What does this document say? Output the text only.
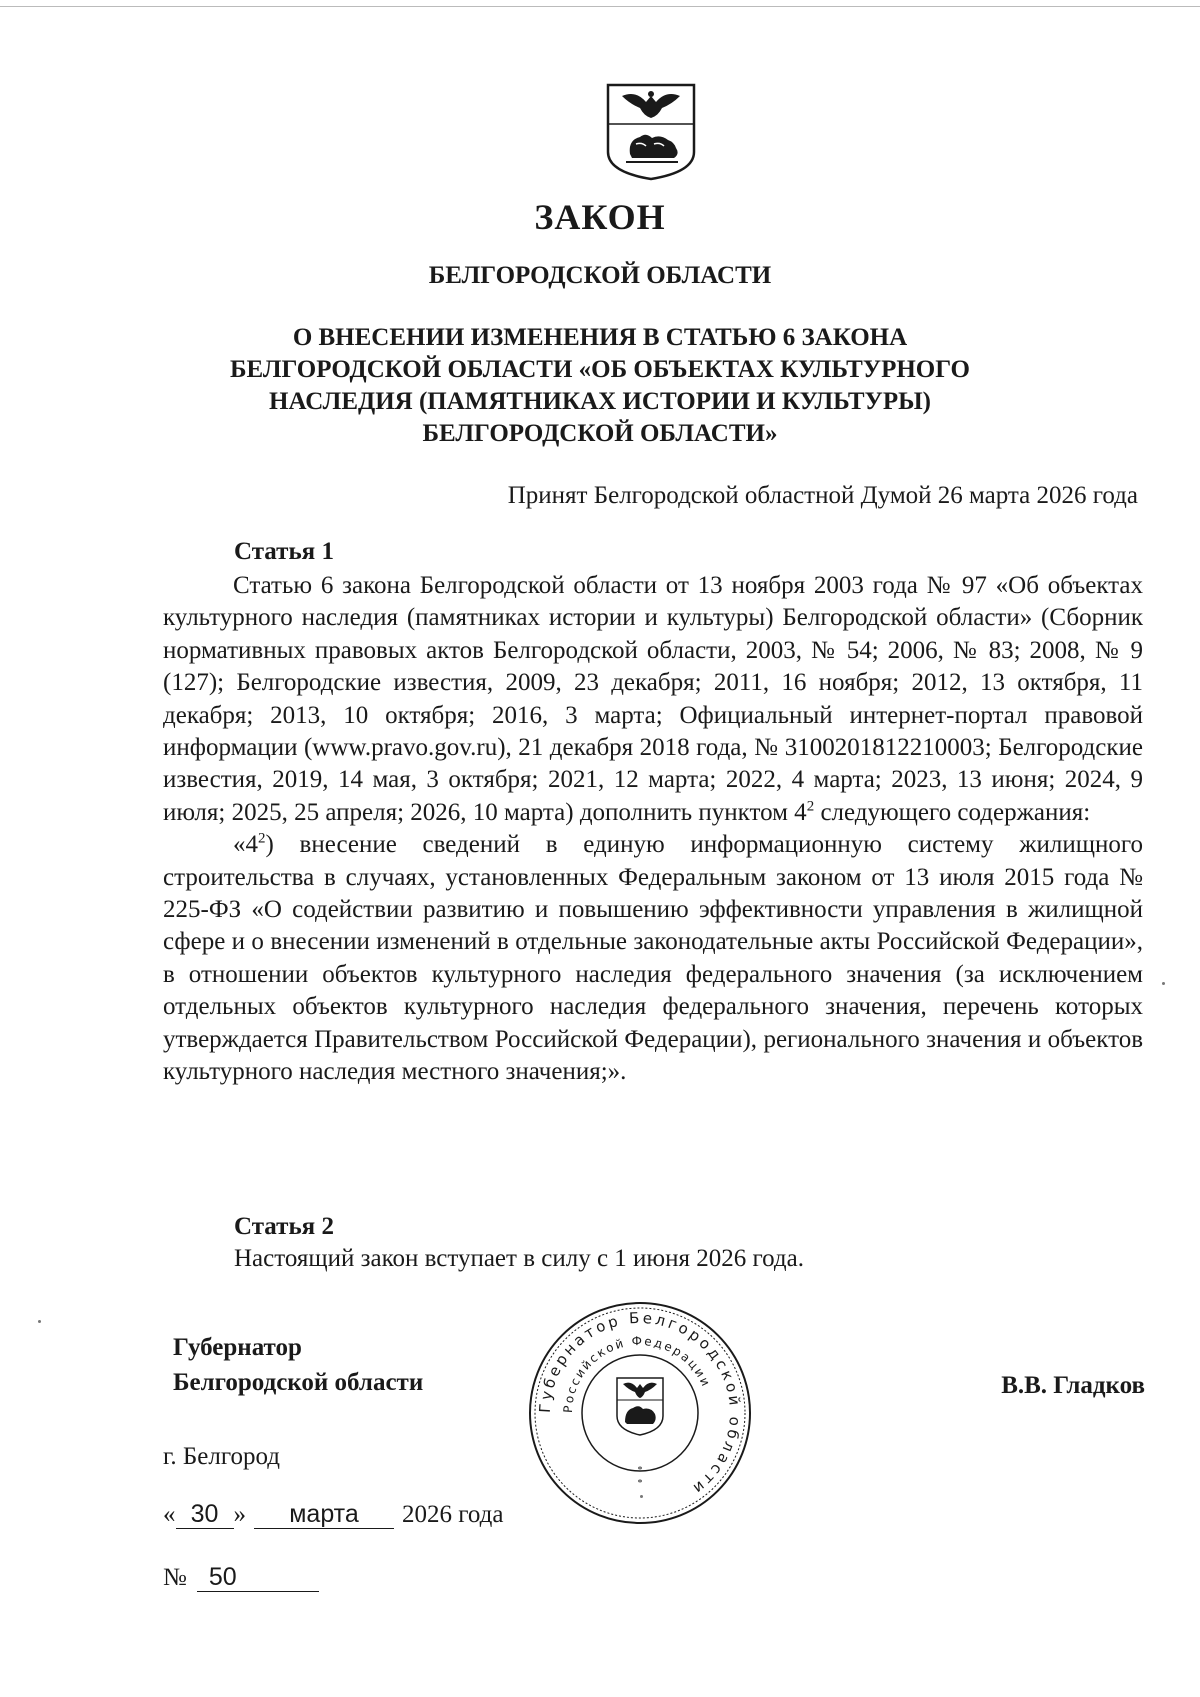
ЗАКОН
БЕЛГОРОДСКОЙ ОБЛАСТИ
О ВНЕСЕНИИ ИЗМЕНЕНИЯ В СТАТЬЮ 6 ЗАКОНА
БЕЛГОРОДСКОЙ ОБЛАСТИ «ОБ ОБЪЕКТАХ КУЛЬТУРНОГО
НАСЛЕДИЯ (ПАМЯТНИКАХ ИСТОРИИ И КУЛЬТУРЫ)
БЕЛГОРОДСКОЙ ОБЛАСТИ»

Принят Белгородской областной Думой 26 марта 2026 года

Статья 1

Статью 6 закона Белгородской области от 13 ноября 2003 года № 97 «Об объектах культурного наследия (памятниках истории и культуры) Белгородской области» (Сборник нормативных правовых актов Белгородской области, 2003, № 54; 2006, № 83; 2008, № 9 (127); Белгородские известия, 2009, 23 декабря; 2011, 16 ноября; 2012, 13 октября, 11 декабря; 2013, 10 октября; 2016, 3 марта; Официальный интернет-портал правовой информации (www.pravo.gov.ru), 21 декабря 2018 года, № 3100201812210003; Белгородские известия, 2019, 14 мая, 3 октября; 2021, 12 марта; 2022, 4 марта; 2023, 13 июня; 2024, 9 июля; 2025, 25 апреля; 2026, 10 марта) дополнить пунктом $4^2$ следующего содержания:

«$4^2$) внесение сведений в единую информационную систему жилищного строительства в случаях, установленных Федеральным законом от 13 июля 2015 года № 225-ФЗ «О содействии развитию и повышению эффективности управления в жилищной сфере и о внесении изменений в отдельные законодательные акты Российской Федерации», в отношении объектов культурного наследия федерального значения (за исключением отдельных объектов культурного наследия федерального значения, перечень которых утверждается Правительством Российской Федерации), регионального значения и объектов культурного наследия местного значения;».

Статья 2

Настоящий закон вступает в силу с 1 июня 2026 года.

Губернатор
Белгородской области	В.В. Гладков

Губернатор Белгородской области
Российской Федерации
*
*

г. Белгород

« 30 » марта 2026 года

№ 50
